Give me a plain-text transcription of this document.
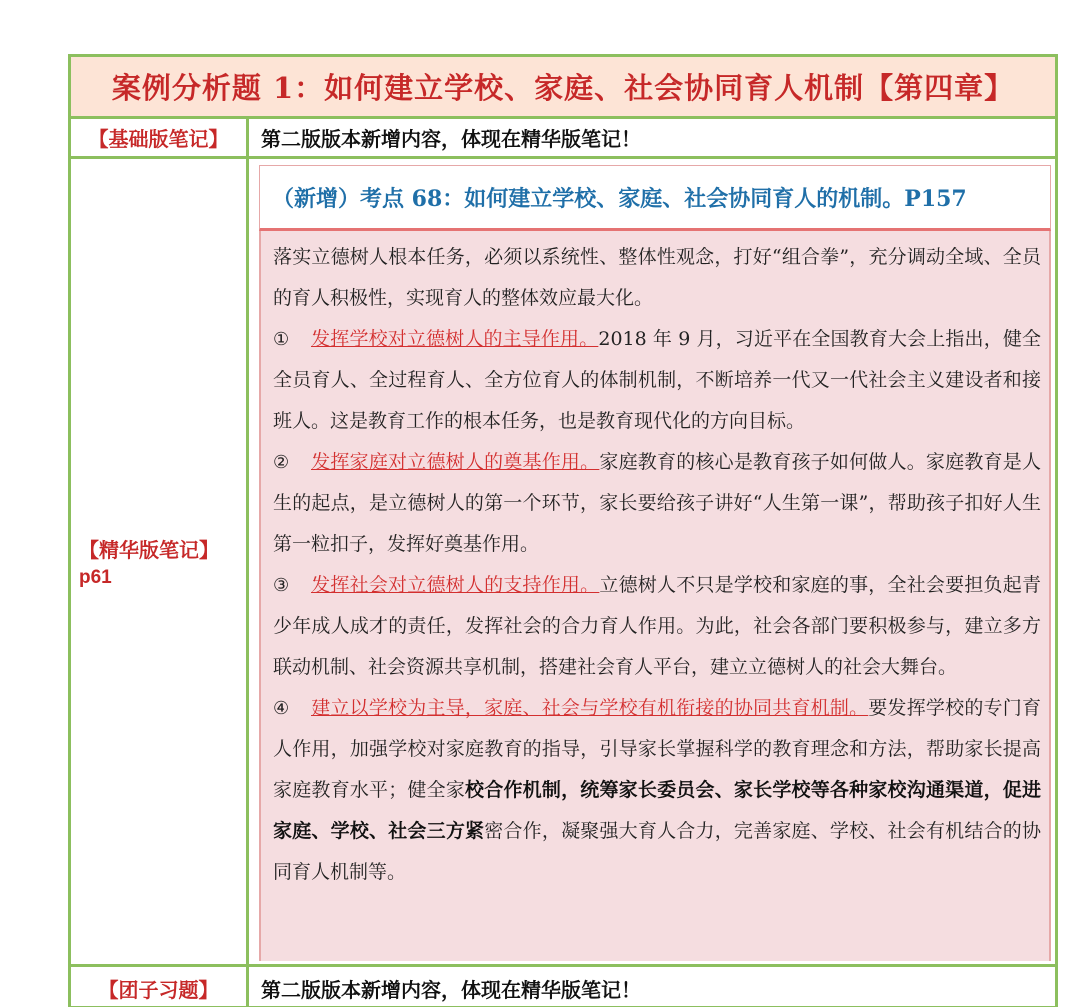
案例分析题 1：如何建立学校、家庭、社会协同育人机制【第四章】
【基础版笔记】	第二版版本新增内容，体现在精华版笔记！
【精华版笔记】
p61
（新增）考点 68：如何建立学校、家庭、社会协同育人的机制。P157

落实立德树人根本任务，必须以系统性、整体性观念，打好“组合拳”，充分调动全域、全员的育人积极性，实现育人的整体效应最大化。

① 发挥学校对立德树人的主导作用。2018 年 9 月，习近平在全国教育大会上指出，健全全员育人、全过程育人、全方位育人的体制机制，不断培养一代又一代社会主义建设者和接班人。这是教育工作的根本任务，也是教育现代化的方向目标。

② 发挥家庭对立德树人的奠基作用。家庭教育的核心是教育孩子如何做人。家庭教育是人生的起点，是立德树人的第一个环节，家长要给孩子讲好“人生第一课”，帮助孩子扣好人生第一粒扣子，发挥好奠基作用。

③ 发挥社会对立德树人的支持作用。立德树人不只是学校和家庭的事，全社会要担负起青少年成人成才的责任，发挥社会的合力育人作用。为此，社会各部门要积极参与，建立多方联动机制、社会资源共享机制，搭建社会育人平台，建立立德树人的社会大舞台。

④ 建立以学校为主导，家庭、社会与学校有机衔接的协同共育机制。要发挥学校的专门育人作用，加强学校对家庭教育的指导，引导家长掌握科学的教育理念和方法，帮助家长提高家庭教育水平；健全家校合作机制，统筹家长委员会、家长学校等各种家校沟通渠道，促进家庭、学校、社会三方紧密合作，凝聚强大育人合力，完善家庭、学校、社会有机结合的协同育人机制等。

【团子习题】	第二版版本新增内容，体现在精华版笔记！
